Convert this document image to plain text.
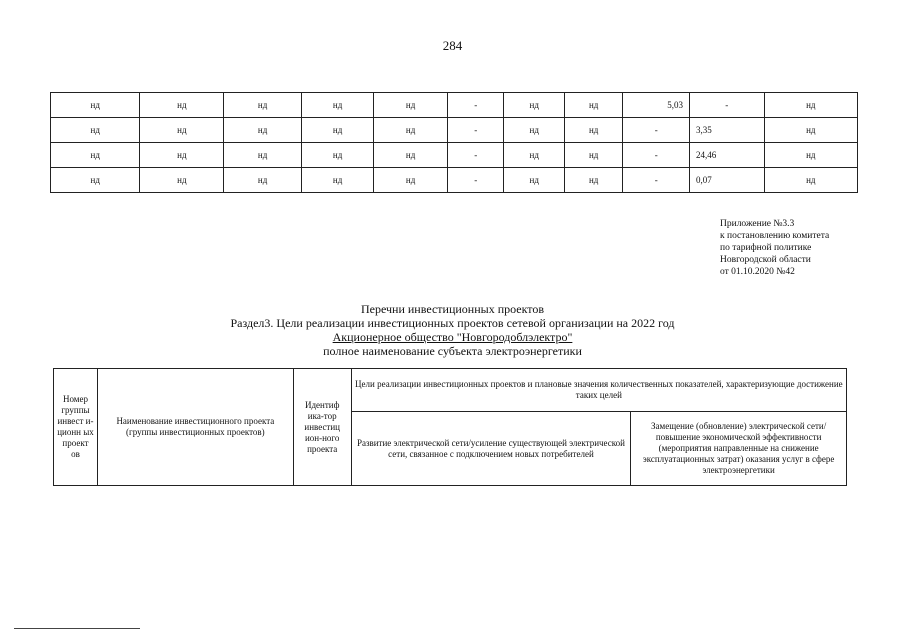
284
нд	нд	нд	нд	нд	-	нд	нд	5,03	-	нд
нд	нд	нд	нд	нд	-	нд	нд	-	3,35	нд
нд	нд	нд	нд	нд	-	нд	нд	-	24,46	нд
нд	нд	нд	нд	нд	-	нд	нд	-	0,07	нд
Приложение №3.3
к постановлению комитета
по тарифной политике
Новгородской области
от 01.10.2020 №42
Перечни инвестиционных проектов
Раздел3. Цели реализации инвестиционных проектов сетевой организации на 2022 год
Акционерное общество "Новгородоблэлектро"
полное наименование субъекта электроэнергетики
Номер группы инвест и-ционн ых проект ов	Наименование инвестиционного проекта (группы инвестиционных проектов)	Идентиф ика-тор инвестиц ион-ного проекта	Цели реализации инвестиционных проектов и плановые значения количественных показателей, характеризующие достижение таких целей	
			Развитие электрической сети/усиление существующей электрической сети, связанное с подключением новых потребителей	Замещение (обновление) электрической сети/повышение экономической эффективности (мероприятия направленные на снижение эксплуатационных затрат) оказания услуг в сфере электроэнергетики
